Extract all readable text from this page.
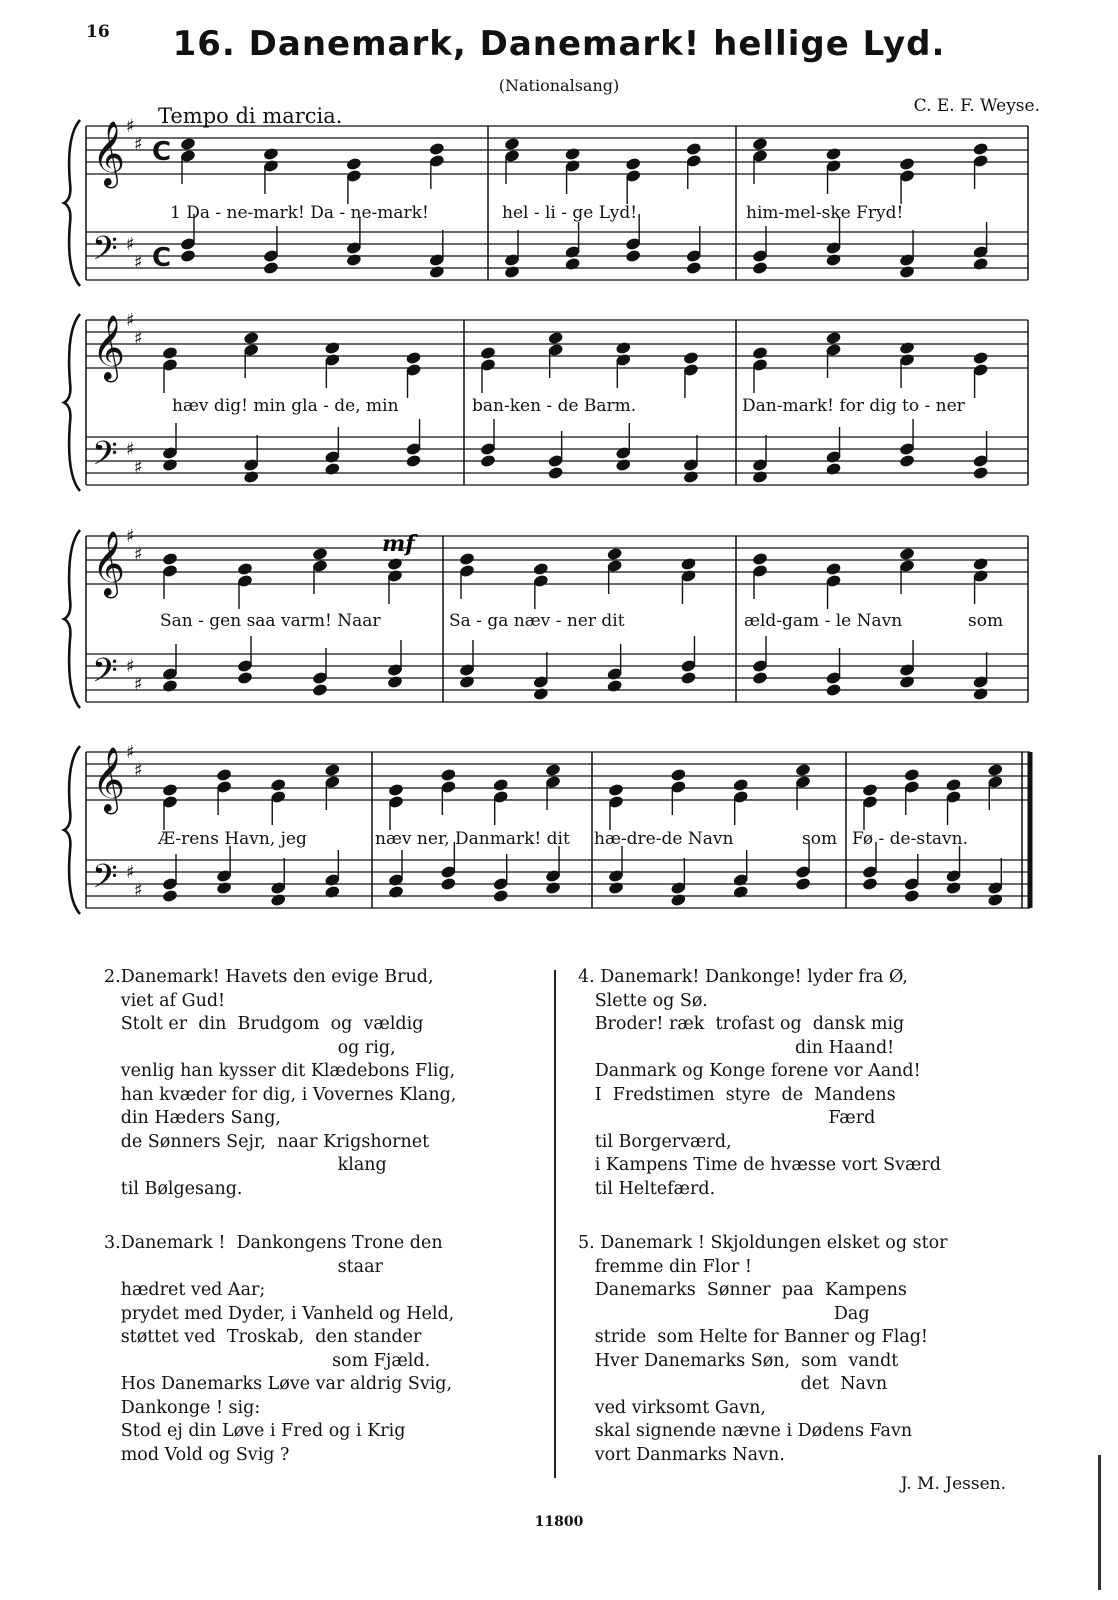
16	16. Danemark, Danemark! hellige Lyd.
(Nationalsang)
Tempo di marcia.	C. E. F. Weyse.
𝄞
𝄢
♯
♯
♯
♯
C
C
𝄞
𝄢
♯
♯
♯
♯
𝄞
𝄢
♯
♯
♯
♯
𝄞
𝄢
♯
♯
♯
♯
mf
1 Da - ne-mark! Da - ne-mark!	hel - li - ge Lyd!	him-mel-ske Fryd!
hæv dig! min gla - de, min	ban-ken - de Barm.	Dan-mark! for dig to - ner
San - gen saa varm! Naar	Sa - ga næv - ner dit	æld-gam - le Navn	som
Æ-rens Havn, jeg	næv ner, Danmark! dit hæ-dre-de Navn	som Fø - de-stavn.
2.Danemark! Havets den evige Brud,
viet af Gud!
Stolt er  din  Brudgom  og  vældig
og rig,
venlig han kysser dit Klædebons Flig,
han kvæder for dig, i Vovernes Klang,
din Hæders Sang,
de Sønners Sejr,  naar Krigshornet
klang
til Bølgesang.
3.Danemark !  Dankongens Trone den
staar
hædret ved Aar;
prydet med Dyder, i Vanheld og Held,
støttet ved  Troskab,  den stander
som Fjæld.
Hos Danemarks Løve var aldrig Svig,
Dankonge ! sig:
Stod ej din Løve i Fred og i Krig
mod Vold og Svig ?
4. Danemark! Dankonge! lyder fra Ø,
Slette og Sø.
Broder! ræk  trofast og  dansk mig
din Haand!
Danmark og Konge forene vor Aand!
I  Fredstimen  styre  de  Mandens
Færd
til Borgerværd,
i Kampens Time de hvæsse vort Sværd
til Heltefærd.
5. Danemark ! Skjoldungen elsket og stor
fremme din Flor !
Danemarks  Sønner  paa  Kampens
Dag
stride  som Helte for Banner og Flag!
Hver Danemarks Søn,  som  vandt
det  Navn
ved virksomt Gavn,
skal signende nævne i Dødens Favn
vort Danmarks Navn.
J. M. Jessen.
11800
